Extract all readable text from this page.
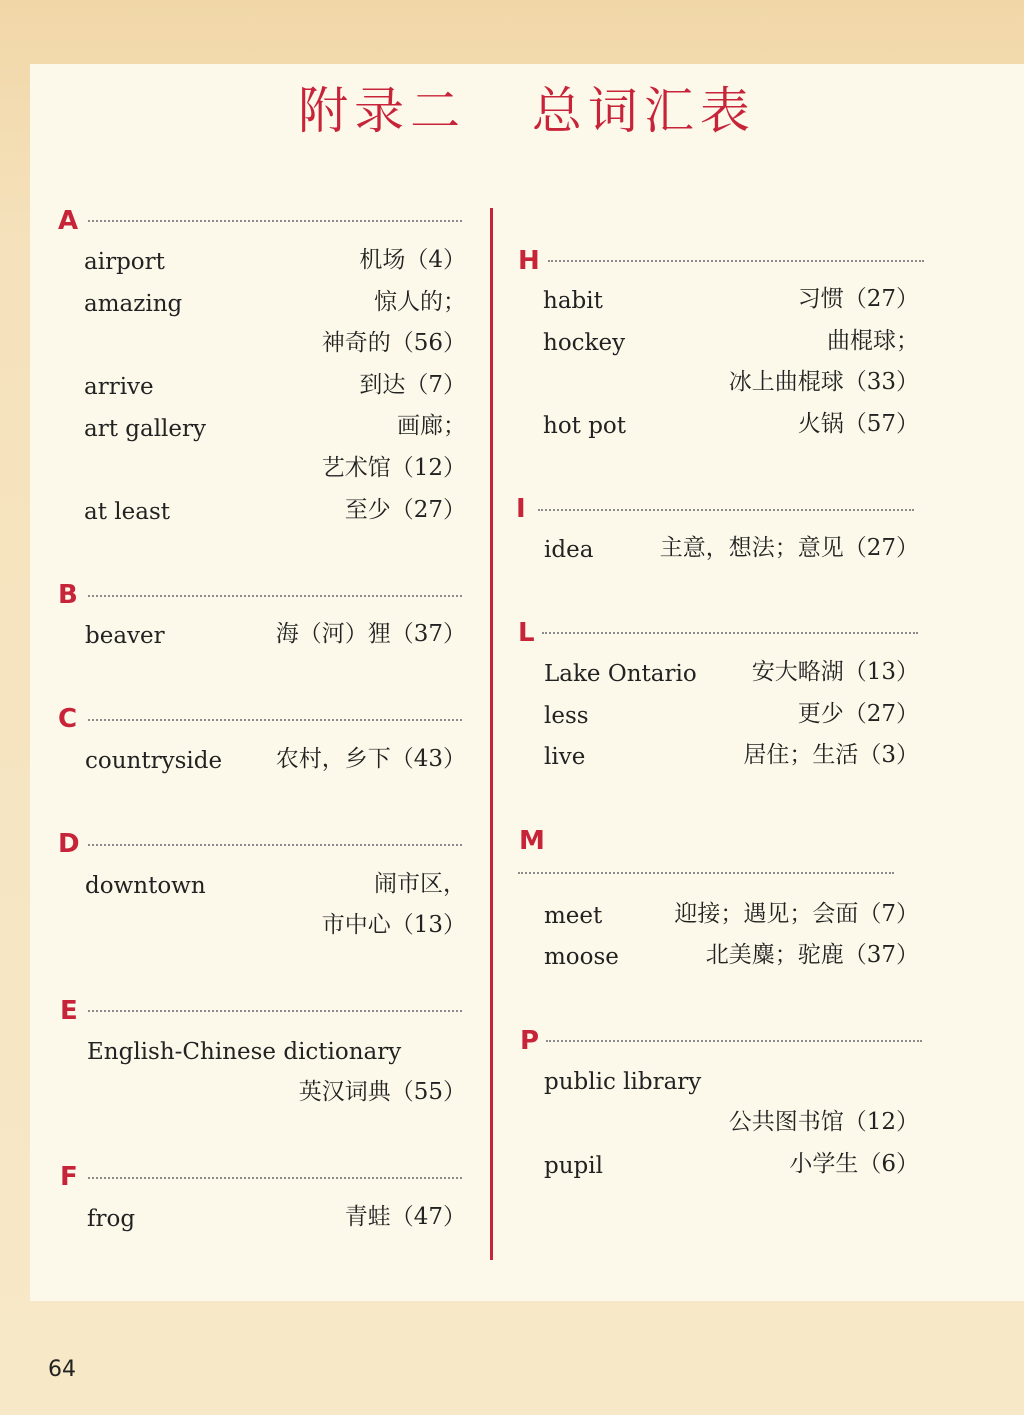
附录二   总词汇表
A
airport	机场（4）
amazing	惊人的；
神奇的（56）
arrive	到达（7）
art gallery	画廊；
艺术馆（12）
at least	至少（27）
B
beaver	海（河）狸（37）
C
countryside 农村，乡下（43）
D
downtown	闹市区，
市中心（13）
E
English-Chinese dictionary
英汉词典（55）
F
frog	青蛙（47）
H
habit	习惯（27）
hockey	曲棍球；
冰上曲棍球（33）
hot pot	火锅（57）
I
idea	主意，想法；意见（27）
L
Lake Ontario 安大略湖（13）
less	更少（27）
live	居住；生活（3）
M
meet	迎接；遇见；会面（7）
moose	北美麋；驼鹿（37）
P
public library
公共图书馆（12）
pupil	小学生（6）
64
